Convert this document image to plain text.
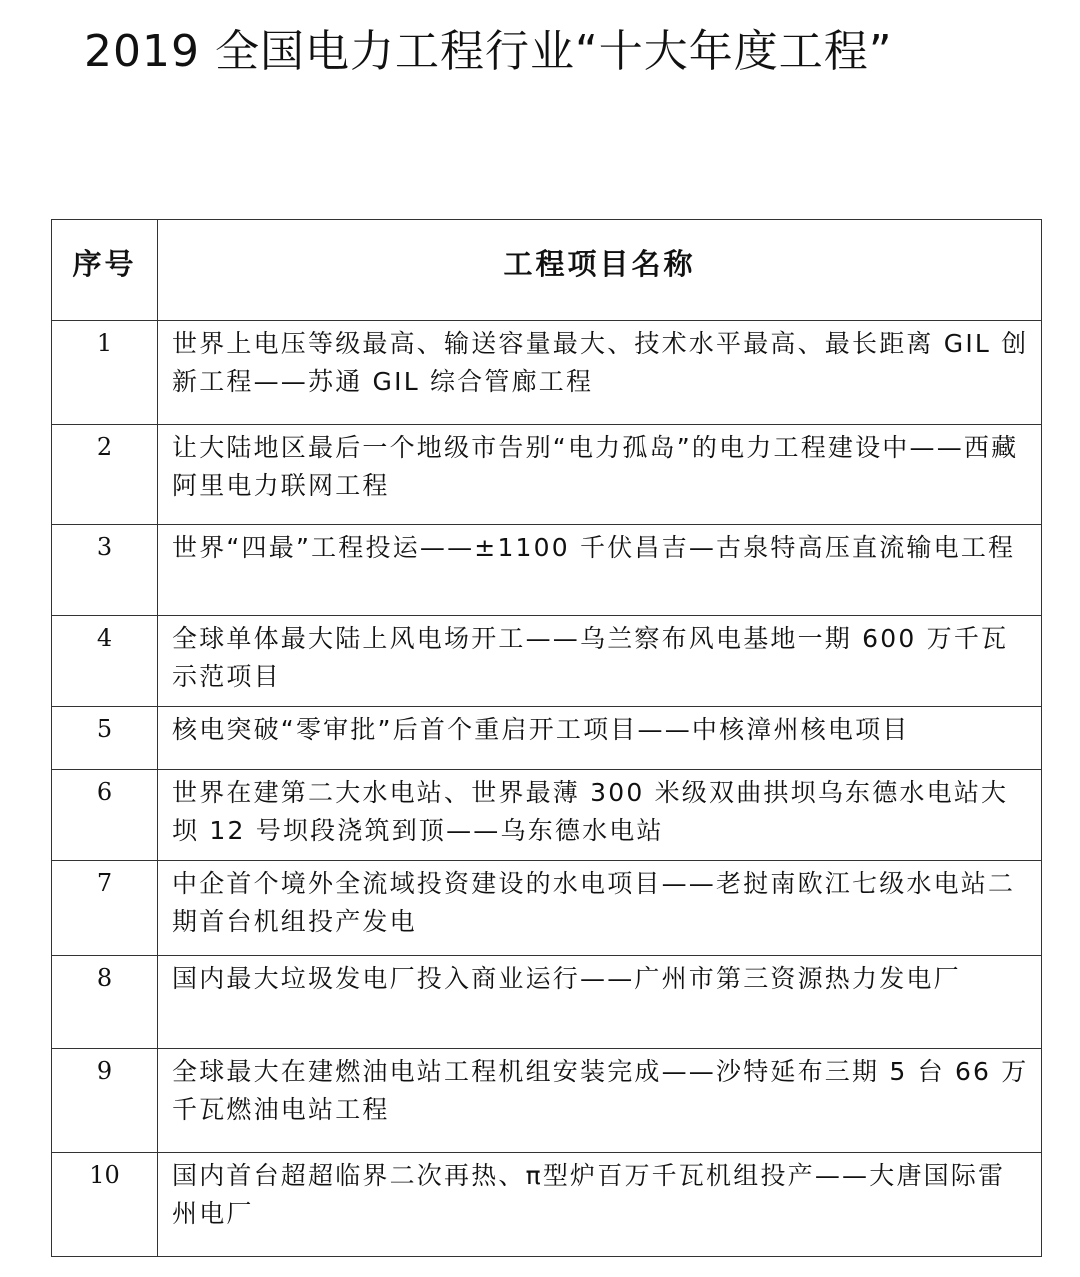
2019 全国电力工程行业“十大年度工程”
序号	工程项目名称

1	世界上电压等级最高、输送容量最大、技术水平最高、最长距离 GIL 创新工程——苏通 GIL 综合管廊工程
2	让大陆地区最后一个地级市告别“电力孤岛”的电力工程建设中——西藏阿里电力联网工程
3	世界“四最”工程投运——±1100 千伏昌吉—古泉特高压直流输电工程
4	全球单体最大陆上风电场开工——乌兰察布风电基地一期 600 万千瓦示范项目
5	核电突破“零审批”后首个重启开工项目——中核漳州核电项目
6	世界在建第二大水电站、世界最薄 300 米级双曲拱坝乌东德水电站大坝 12 号坝段浇筑到顶——乌东德水电站
7	中企首个境外全流域投资建设的水电项目——老挝南欧江七级水电站二期首台机组投产发电
8	国内最大垃圾发电厂投入商业运行——广州市第三资源热力发电厂
9	全球最大在建燃油电站工程机组安装完成——沙特延布三期 5 台 66 万千瓦燃油电站工程
10	国内首台超超临界二次再热、π型炉百万千瓦机组投产——大唐国际雷州电厂
